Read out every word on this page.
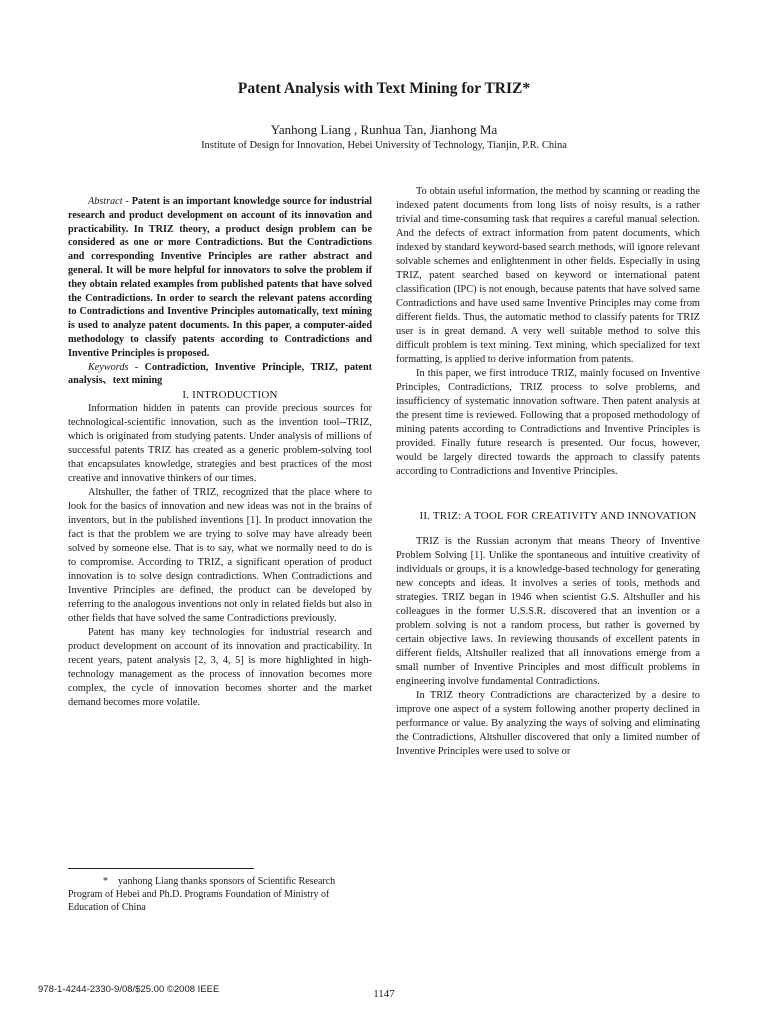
Patent Analysis with Text Mining for TRIZ*
Yanhong Liang , Runhua Tan, Jianhong Ma
Institute of Design for Innovation, Hebei University of Technology, Tianjin, P.R. China

Abstract - Patent is an important knowledge source for industrial research and product development on account of its innovation and practicability. In TRIZ theory, a product design problem can be considered as one or more Contradictions. But the Contradictions and corresponding Inventive Principles are rather abstract and general. It will be more helpful for innovators to solve the problem if they obtain related examples from published patents that have solved the Contradictions. In order to search the relevant patens according to Contradictions and Inventive Principles automatically, text mining is used to analyze patent documents. In this paper, a computer-aided methodology to classify patents according to Contradictions and Inventive Principles is proposed.

Keywords - Contradiction, Inventive Principle, TRIZ, patent analysis、text mining

I. INTRODUCTION

Information hidden in patents can provide precious sources for technological-scientific innovation, such as the invention tool--TRIZ, which is originated from studying patents. Under analysis of millions of successful patents TRIZ has created as a generic problem-solving tool that encapsulates knowledge, strategies and best practices of the most creative and innovative thinkers of our times.

Altshuller, the father of TRIZ, recognized that the place where to look for the basics of innovation and new ideas was not in the brains of inventors, but in the published inventions [1]. In product innovation the fact is that the problem we are trying to solve may have already been solved by someone else. That is to say, what we normally need to do is to compromise. According to TRIZ, a significant operation of product innovation is to solve design contradictions. When Contradictions and Inventive Principles are defined, the product can be developed by referring to the analogous inventions not only in related fields but also in other fields that have solved the same Contradictions previously.

Patent has many key technologies for industrial research and product development on account of its innovation and practicability. In recent years, patent analysis [2, 3, 4, 5] is more highlighted in high-technology management as the process of innovation becomes more complex, the cycle of innovation becomes shorter and the market demand becomes more volatile.

To obtain useful information, the method by scanning or reading the indexed patent documents from long lists of noisy results, is a rather trivial and time-consuming task that requires a careful manual selection. And the defects of extract information from patent documents, which indexed by standard keyword-based search methods, will ignore relevant solvable schemes and enlightenment in other fields. Especially in using TRIZ, patent searched based on keyword or international patent classification (IPC) is not enough, because patents that have solved same Contradictions and have used same Inventive Principles may come from different fields. Thus, the automatic method to classify patents for TRIZ user is in great demand. A very well suitable method to solve this difficult problem is text mining. Text mining, which specialized for text formatting, is applied to derive information from patents.

In this paper, we first introduce TRIZ, mainly focused on Inventive Principles, Contradictions, TRIZ process to solve problems, and insufficiency of systematic innovation software. Then patent analysis at the present time is reviewed. Following that a proposed methodology of mining patents according to Contradictions and Inventive Principles is provided. Finally future research is presented. Our focus, however, would be largely directed towards the approach to classify patents according to Contradictions and Inventive Principles.

II. TRIZ: A TOOL FOR CREATIVITY AND INNOVATION

TRIZ is the Russian acronym that means Theory of Inventive Problem Solving [1]. Unlike the spontaneous and intuitive creativity of individuals or groups, it is a knowledge-based technology for generating new concepts and ideas. It involves a series of tools, methods and strategies. TRIZ began in 1946 when scientist G.S. Altshuller and his colleagues in the former U.S.S.R. discovered that an invention or a problem solving is not a random process, but rather is governed by certain objective laws. In reviewing thousands of excellent patents in different fields, Altshuller realized that all innovations emerge from a small number of Inventive Principles and most difficult problems in engineering involve fundamental Contradictions.

In TRIZ theory Contradictions are characterized by a desire to improve one aspect of a system following another property declined in performance or value. By analyzing the ways of solving and eliminating the Contradictions, Altshuller discovered that only a limited number of Inventive Principles were used to solve or

* yanhong Liang thanks sponsors of Scientific Research Program of Hebei and Ph.D. Programs Foundation of Ministry of Education of China
978-1-4244-2330-9/08/$25.00 ©2008 IEEE	1147
